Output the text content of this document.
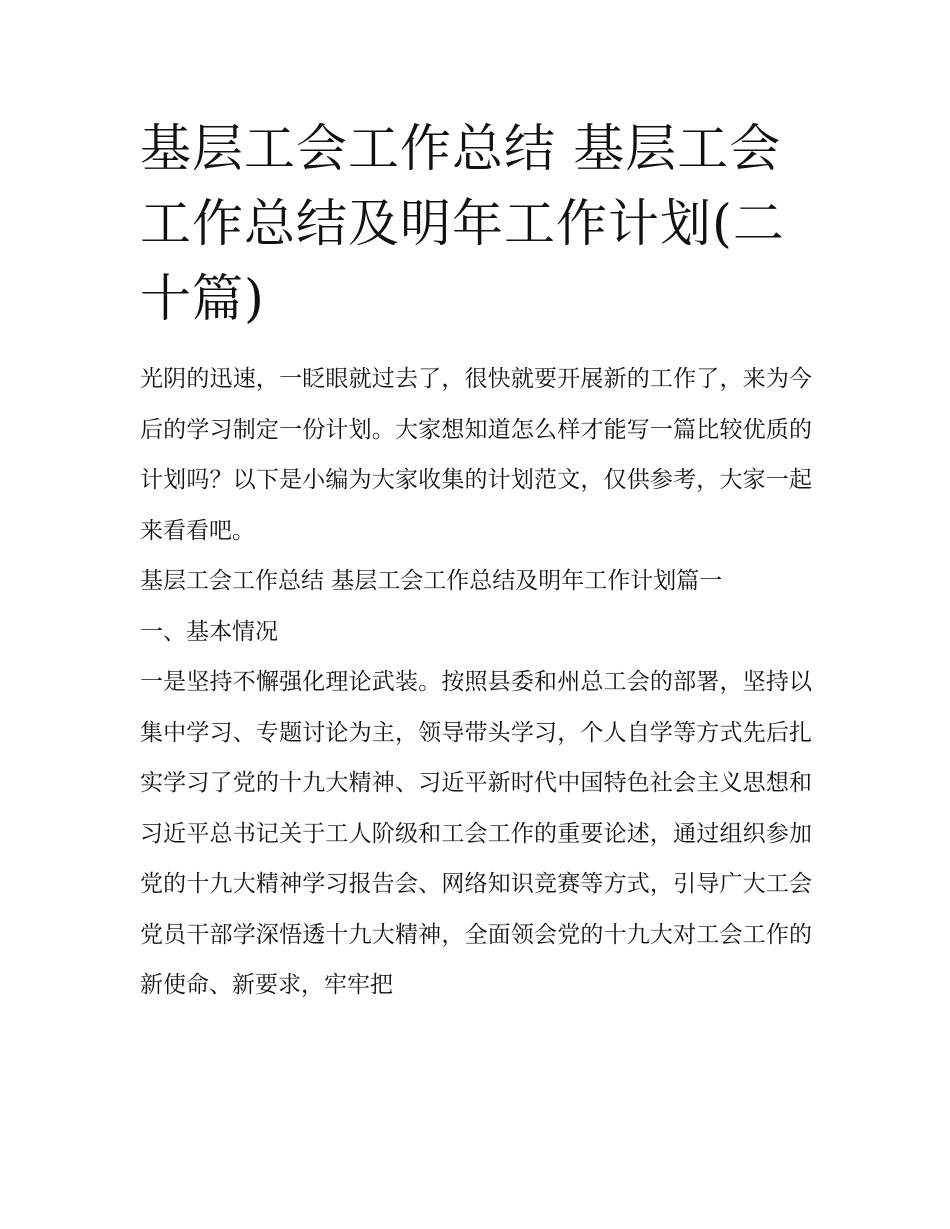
基层工会工作总结 基层工会工作总结及明年工作计划(二十篇)

光阴的迅速，一眨眼就过去了，很快就要开展新的工作了，来为今后的学习制定一份计划。大家想知道怎么样才能写一篇比较优质的计划吗？以下是小编为大家收集的计划范文，仅供参考，大家一起来看看吧。

基层工会工作总结 基层工会工作总结及明年工作计划篇一

一、基本情况

一是坚持不懈强化理论武装。按照县委和州总工会的部署，坚持以集中学习、专题讨论为主，领导带头学习，个人自学等方式先后扎实学习了党的十九大精神、习近平新时代中国特色社会主义思想和习近平总书记关于工人阶级和工会工作的重要论述，通过组织参加党的十九大精神学习报告会、网络知识竞赛等方式，引导广大工会党员干部学深悟透十九大精神，全面领会党的十九大对工会工作的新使命、新要求，牢牢把
